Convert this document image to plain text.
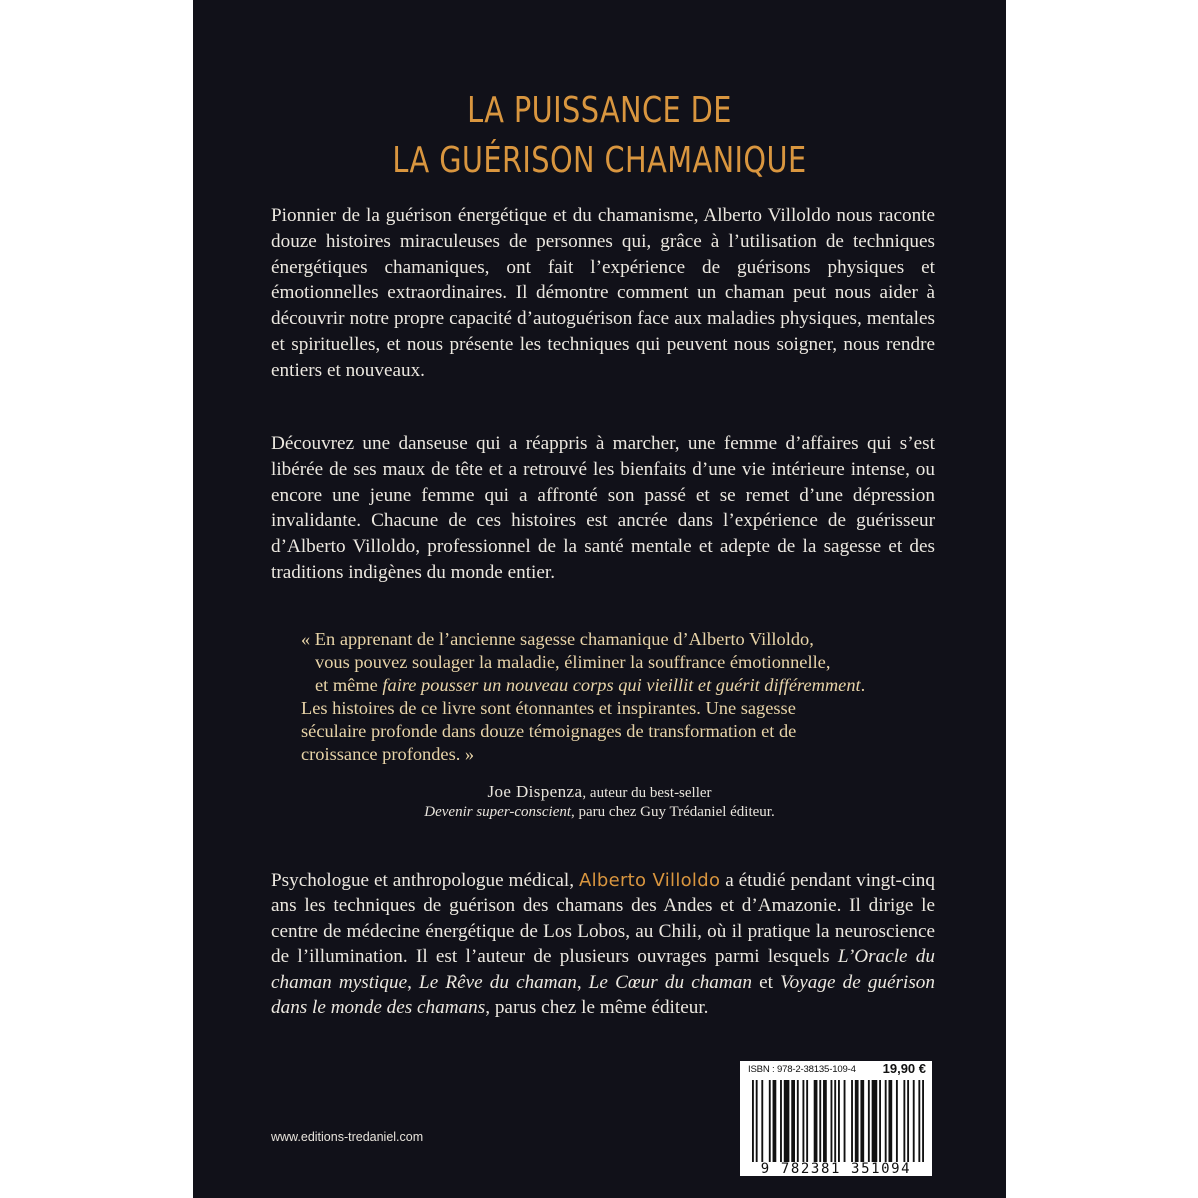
LA PUISSANCE DE
LA GUÉRISON CHAMANIQUE
Pionnier de la guérison énergétique et du chamanisme, Alberto Villoldo nous raconte douze histoires miraculeuses de personnes qui, grâce à l’utilisation de techniques énergétiques chamaniques, ont fait l’expérience de guérisons physiques et émotionnelles extraordinaires. Il démontre comment un chaman peut nous aider à découvrir notre propre capacité d’autoguérison face aux maladies physiques, mentales et spirituelles, et nous présente les techniques qui peuvent nous soigner, nous rendre entiers et nouveaux.
Découvrez une danseuse qui a réappris à marcher, une femme d’affaires qui s’est libérée de ses maux de tête et a retrouvé les bienfaits d’une vie intérieure intense, ou encore une jeune femme qui a affronté son passé et se remet d’une dépression invalidante. Chacune de ces histoires est ancrée dans l’expérience de guérisseur d’Alberto Villoldo, professionnel de la santé mentale et adepte de la sagesse et des traditions indigènes du monde entier.
« En apprenant de l’ancienne sagesse chamanique d’Alberto Villoldo,
vous pouvez soulager la maladie, éliminer la souffrance émotionnelle,
et même faire pousser un nouveau corps qui vieillit et guérit différemment.
Les histoires de ce livre sont étonnantes et inspirantes. Une sagesse
séculaire profonde dans douze témoignages de transformation et de
croissance profondes. »
Joe Dispenza, auteur du best-seller
Devenir super-conscient, paru chez Guy Trédaniel éditeur.
Psychologue et anthropologue médical, Alberto Villoldo a étudié pendant vingt-cinq ans les techniques de guérison des chamans des Andes et d’Amazonie. Il dirige le centre de médecine énergétique de Los Lobos, au Chili, où il pratique la neuroscience de l’illumination. Il est l’auteur de plusieurs ouvrages parmi lesquels L’Oracle du chaman mystique, Le Rêve du chaman, Le Cœur du chaman et Voyage de guérison dans le monde des chamans, parus chez le même éditeur.
www.editions-tredaniel.com
ISBN : 978-2-38135-109-4 19,90 €
9 782381 351094
